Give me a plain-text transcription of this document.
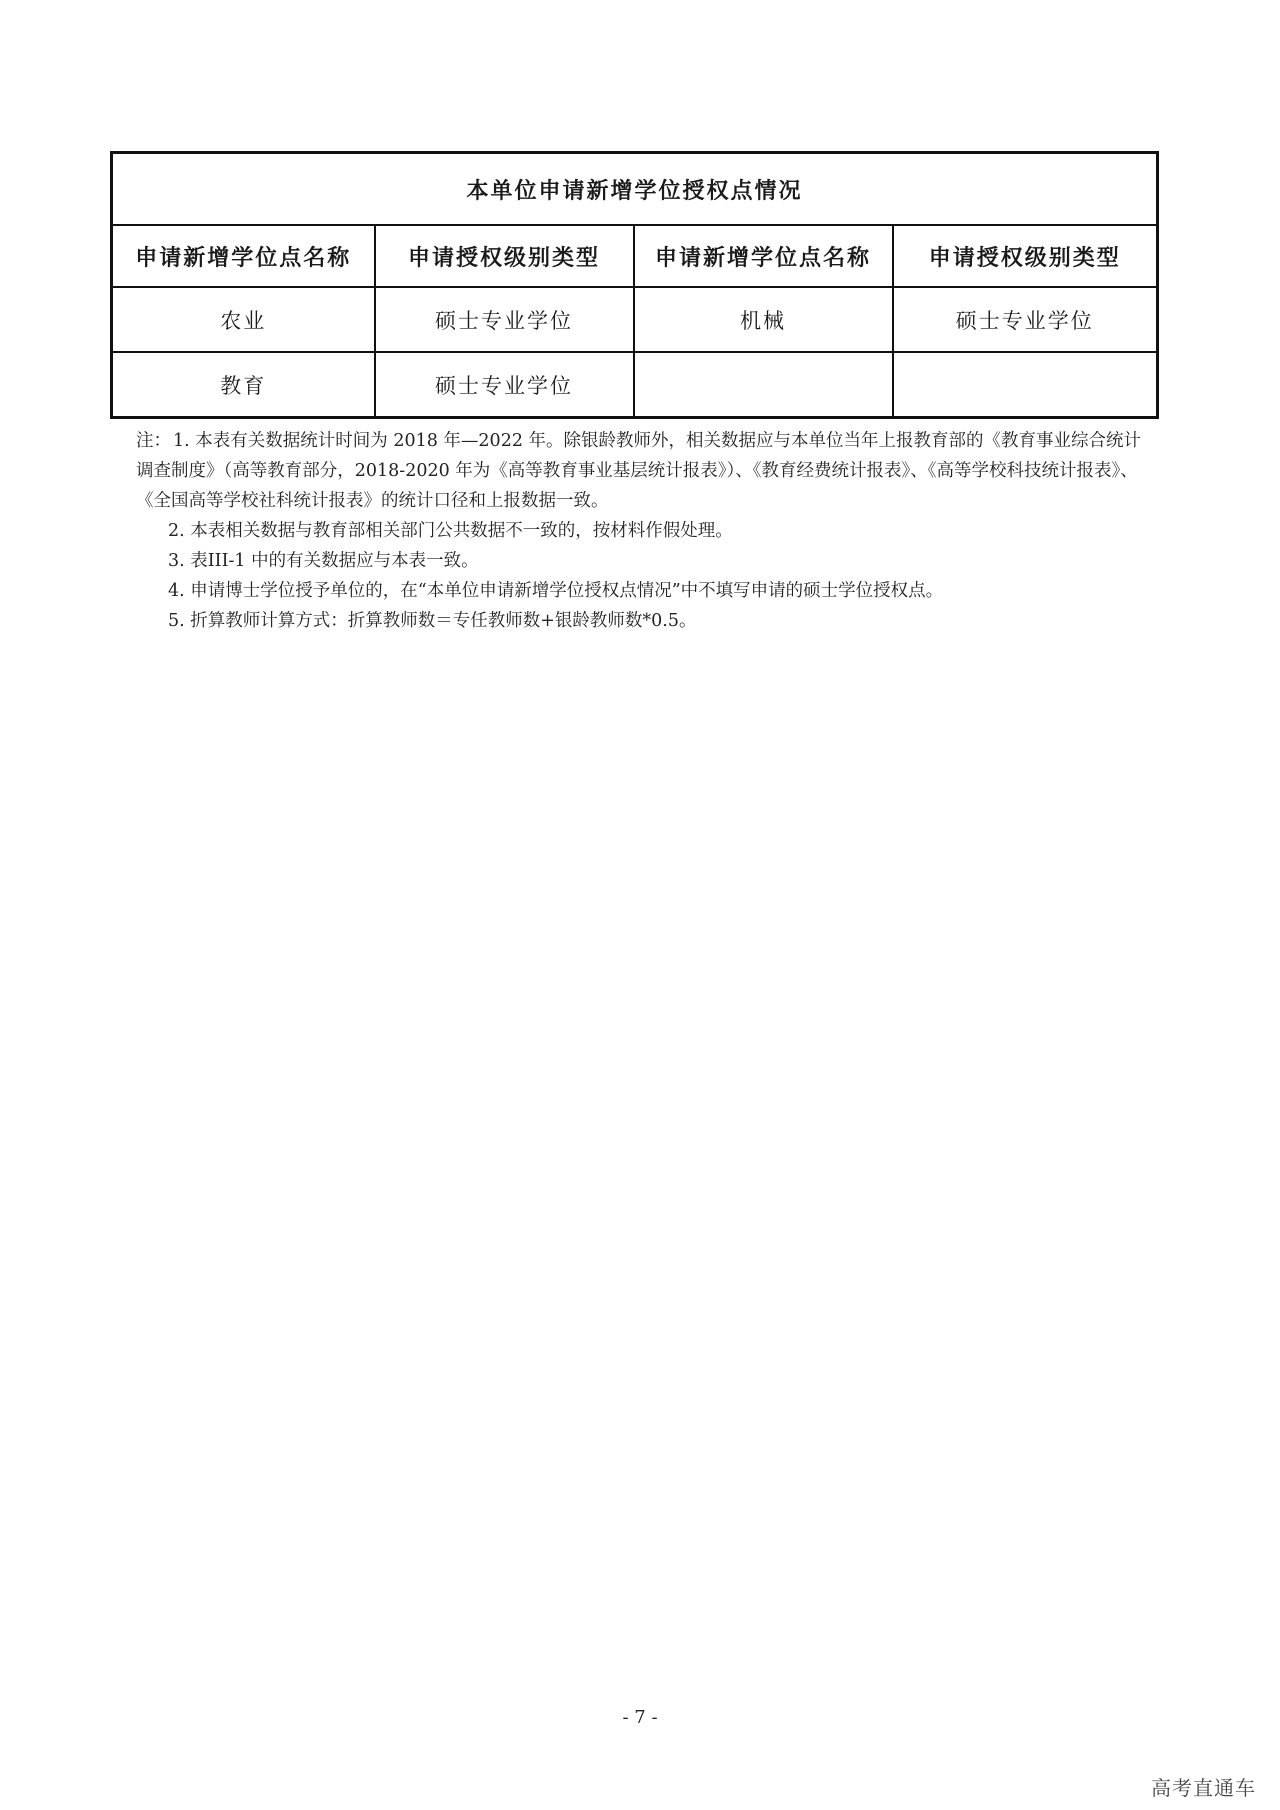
本单位申请新增学位授权点情况			
申请新增学位点名称	申请授权级别类型	申请新增学位点名称	申请授权级别类型
农业	硕士专业学位	机械	硕士专业学位
教育	硕士专业学位		
注： 1. 本表有关数据统计时间为 2018 年—2022 年。除银龄教师外，相关数据应与本单位当年上报教育部的《教育事业综合统计调查制度》（高等教育部分，2018-2020 年为《高等教育事业基层统计报表》）、《教育经费统计报表》、《高等学校科技统计报表》、《全国高等学校社科统计报表》的统计口径和上报数据一致。
2. 本表相关数据与教育部相关部门公共数据不一致的，按材料作假处理。
3. 表III-1 中的有关数据应与本表一致。
4. 申请博士学位授予单位的，在“本单位申请新增学位授权点情况”中不填写申请的硕士学位授权点。
5. 折算教师计算方式：折算教师数＝专任教师数+银龄教师数*0.5。
- 7 -
高考直通车
